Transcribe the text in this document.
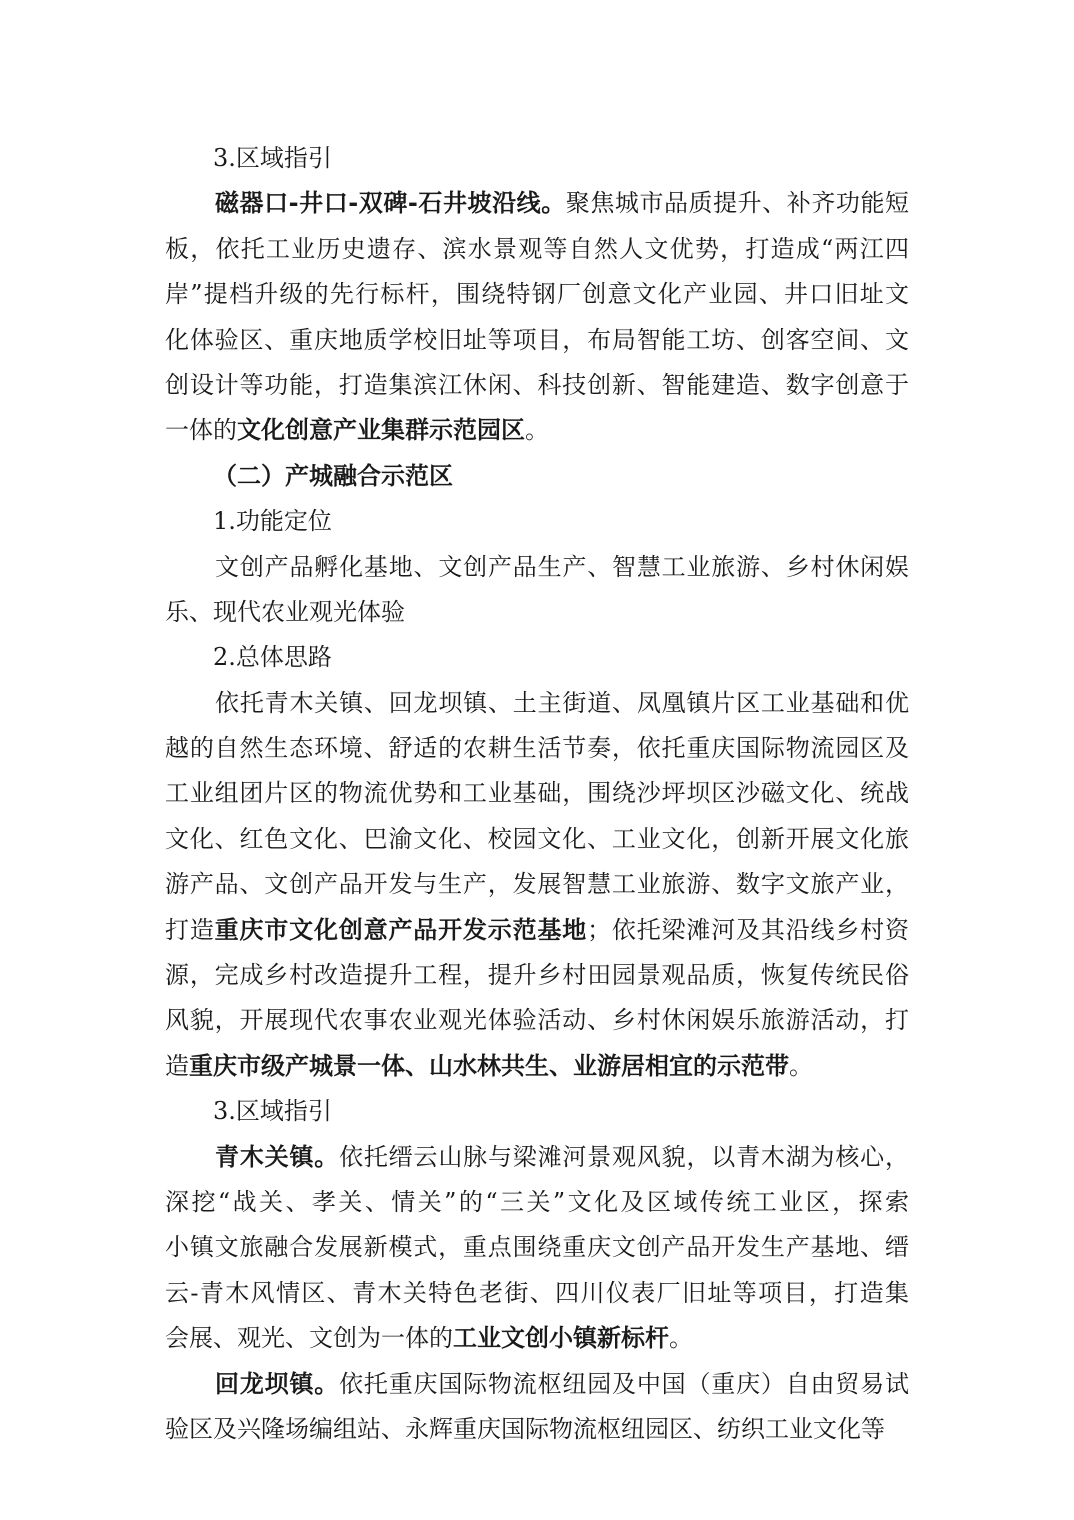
3.区域指引
磁器口-井口-双碑-石井坡沿线。聚焦城市品质提升、补齐功能短
板，依托工业历史遗存、滨水景观等自然人文优势，打造成“两江四
岸”提档升级的先行标杆，围绕特钢厂创意文化产业园、井口旧址文
化体验区、重庆地质学校旧址等项目，布局智能工坊、创客空间、文
创设计等功能，打造集滨江休闲、科技创新、智能建造、数字创意于
一体的文化创意产业集群示范园区。
（二）产城融合示范区
1.功能定位
文创产品孵化基地、文创产品生产、智慧工业旅游、乡村休闲娱
乐、现代农业观光体验
2.总体思路
依托青木关镇、回龙坝镇、土主街道、凤凰镇片区工业基础和优
越的自然生态环境、舒适的农耕生活节奏，依托重庆国际物流园区及
工业组团片区的物流优势和工业基础，围绕沙坪坝区沙磁文化、统战
文化、红色文化、巴渝文化、校园文化、工业文化，创新开展文化旅
游产品、文创产品开发与生产，发展智慧工业旅游、数字文旅产业，
打造重庆市文化创意产品开发示范基地；依托梁滩河及其沿线乡村资
源，完成乡村改造提升工程，提升乡村田园景观品质，恢复传统民俗
风貌，开展现代农事农业观光体验活动、乡村休闲娱乐旅游活动，打
造重庆市级产城景一体、山水林共生、业游居相宜的示范带。
3.区域指引
青木关镇。依托缙云山脉与梁滩河景观风貌，以青木湖为核心，
深挖“战关、孝关、情关”的“三关”文化及区域传统工业区，探索
小镇文旅融合发展新模式，重点围绕重庆文创产品开发生产基地、缙
云-青木风情区、青木关特色老街、四川仪表厂旧址等项目，打造集
会展、观光、文创为一体的工业文创小镇新标杆。
回龙坝镇。依托重庆国际物流枢纽园及中国（重庆）自由贸易试
验区及兴隆场编组站、永辉重庆国际物流枢纽园区、纺织工业文化等
